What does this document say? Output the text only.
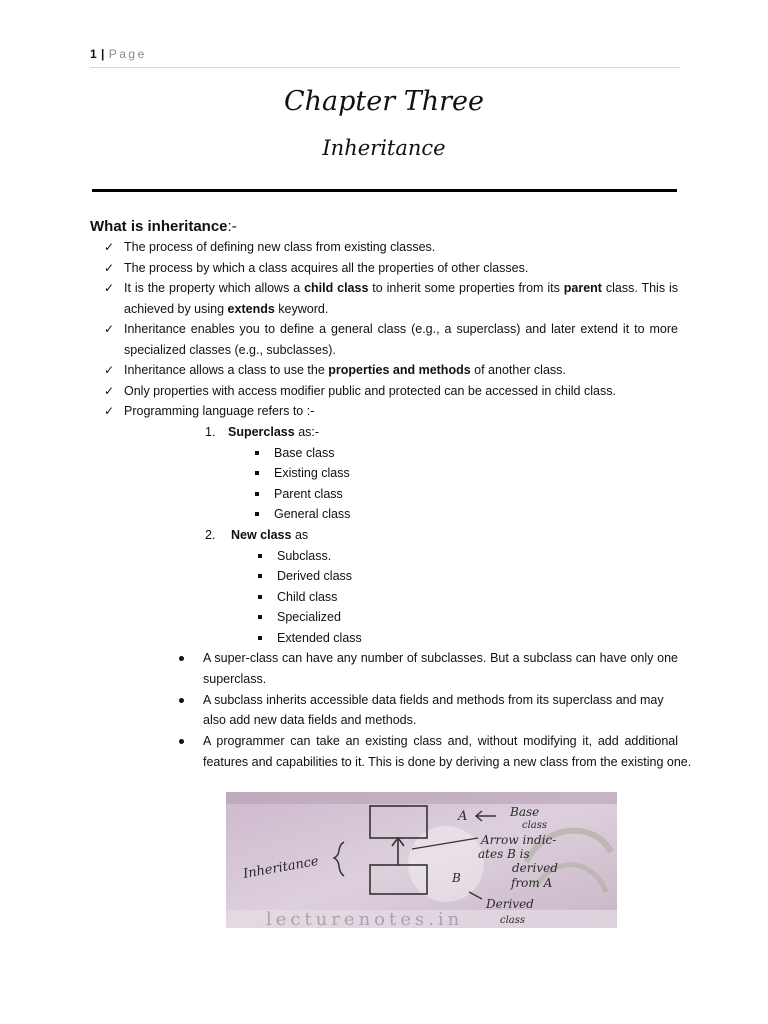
1 | Page
Chapter Three
Inheritance
What is inheritance:-
✓ The process of defining new class from existing classes.
✓ The process by which a class acquires all the properties of other classes.
✓ It is the property which allows a child class to inherit some properties from its parent class. This is
achieved by using extends keyword.
✓ Inheritance enables you to define a general class (e.g., a superclass) and later extend it to more
specialized classes (e.g., subclasses).
✓ Inheritance allows a class to use the properties and methods of another class.
✓ Only properties with access modifier public and protected can be accessed in child class.
✓ Programming language refers to :-
1. Superclass as:-
Base class
Existing class
Parent class
General class
2. New class as
Subclass.
Derived class
Child class
Specialized
Extended class
A super-class can have any number of subclasses. But a subclass can have only one
superclass.
A subclass inherits accessible data fields and methods from its superclass and may
also add new data fields and methods.
A programmer can take an existing class and, without modifying it, add additional
features and capabilities to it. This is done by deriving a new class from the existing one.
Inheritance
A
B
Base
class
Arrow indic-
ates B is
derived
from A
Derived
class
lecturenotes.in
